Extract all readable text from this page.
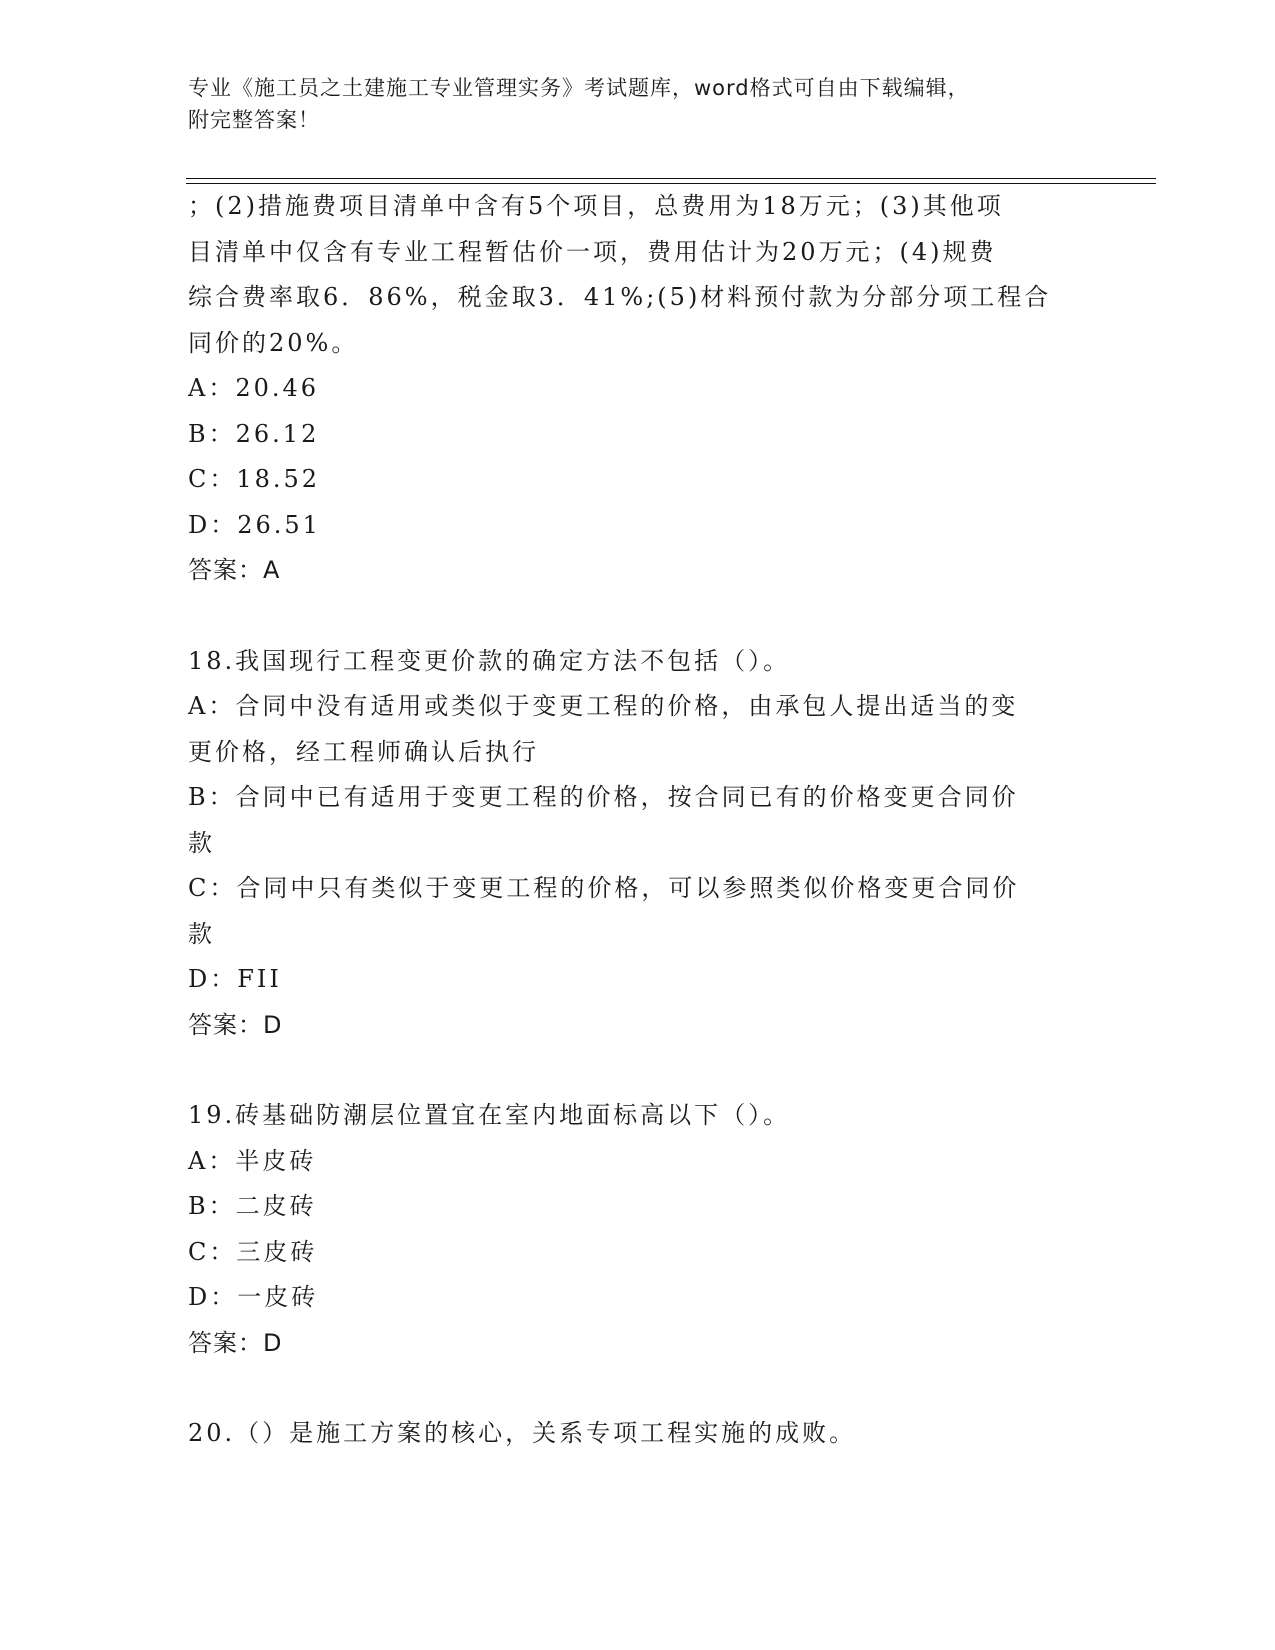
专业《施工员之土建施工专业管理实务》考试题库，word格式可自由下载编辑，
附完整答案！
；(2)措施费项目清单中含有5个项目，总费用为18万元；(3)其他项
目清单中仅含有专业工程暂估价一项，费用估计为20万元；(4)规费
综合费率取6．86%，税金取3．41%;(5)材料预付款为分部分项工程合
同价的20%。
A：20.46
B：26.12
C：18.52
D：26.51
答案：A
18.我国现行工程变更价款的确定方法不包括（）。
A：合同中没有适用或类似于变更工程的价格，由承包人提出适当的变
更价格，经工程师确认后执行
B：合同中已有适用于变更工程的价格，按合同已有的价格变更合同价
款
C：合同中只有类似于变更工程的价格，可以参照类似价格变更合同价
款
D：FII
答案：D
19.砖基础防潮层位置宜在室内地面标高以下（）。
A：半皮砖
B：二皮砖
C：三皮砖
D：一皮砖
答案：D
20.（）是施工方案的核心，关系专项工程实施的成败。
